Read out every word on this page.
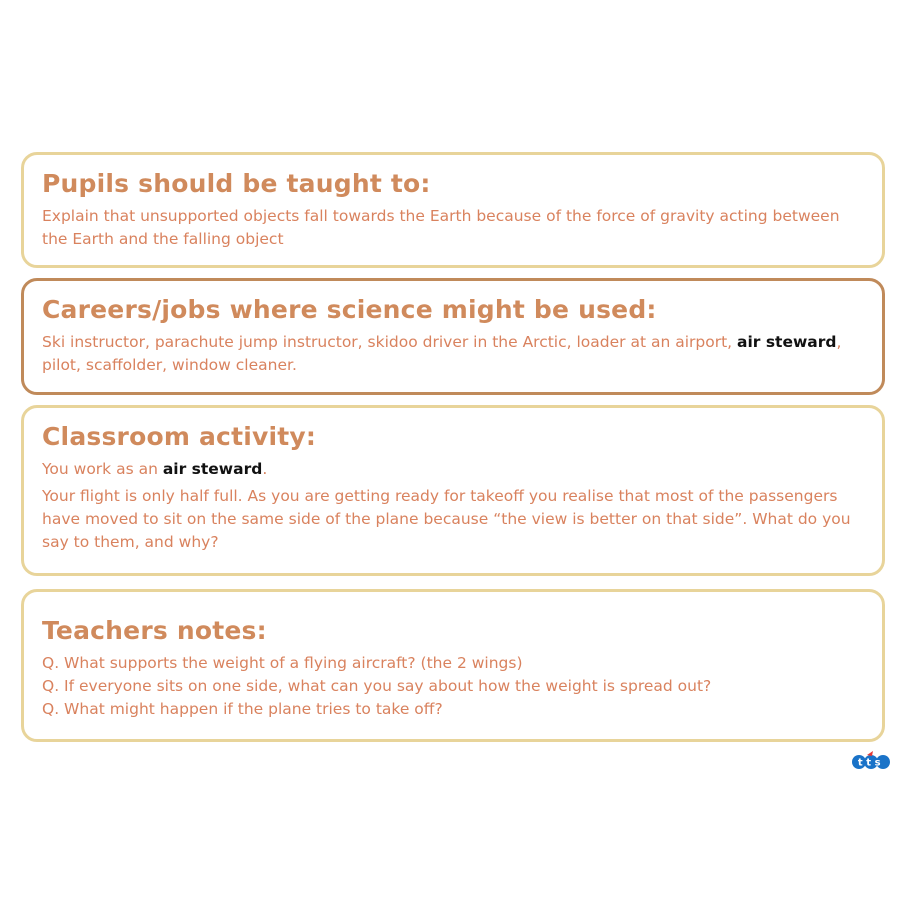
Pupils should be taught to:

Explain that unsupported objects fall towards the Earth because of the force of gravity acting between the Earth and the falling object

Careers/jobs where science might be used:

Ski instructor, parachute jump instructor, skidoo driver in the Arctic, loader at an airport, air steward, pilot, scaffolder, window cleaner.

Classroom activity:

You work as an air steward.

Your flight is only half full. As you are getting ready for takeoff you realise that most of the passengers have moved to sit on the same side of the plane because “the view is better on that side”. What do you say to them, and why?

Teachers notes:

Q. What supports the weight of a flying aircraft? (the 2 wings)

Q. If everyone sits on one side, what can you say about how the weight is spread out?

Q. What might happen if the plane tries to take off?

tts
